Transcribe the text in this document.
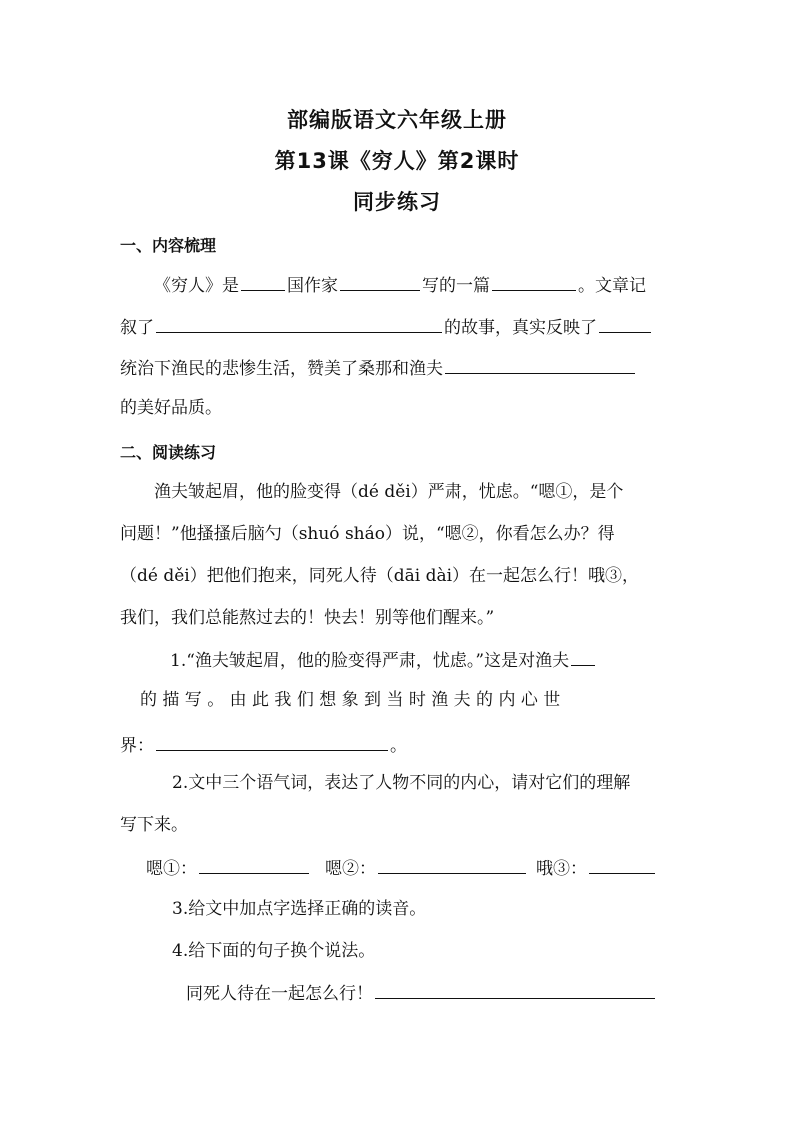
部编版语文六年级上册
第13课《穷人》第2课时
同步练习
一、内容梳理
《穷人》是	国作家	写的一篇	。文章记
叙了	的故事，真实反映了
统治下渔民的悲惨生活，赞美了桑那和渔夫
的美好品质。
二、阅读练习
渔夫皱起眉，他的脸变得（dé děi）严肃，忧虑。“嗯①，是个
问题！”他搔搔后脑勺（shuó sháo）说，“嗯②，你看怎么办？得
（dé děi）把他们抱来，同死人待（dāi dài）在一起怎么行！哦③，
我们，我们总能熬过去的！快去！别等他们醒来。”
1.“渔夫皱起眉，他的脸变得严肃，忧虑。”这是对渔夫
的 描 写 。 由 此 我 们 想 象 到 当 时 渔 夫 的 内 心 世
界：	。
2.文中三个语气词，表达了人物不同的内心，请对它们的理解
写下来。
嗯①：	嗯②：	哦③：
3.给文中加点字选择正确的读音。
4.给下面的句子换个说法。
同死人待在一起怎么行！
